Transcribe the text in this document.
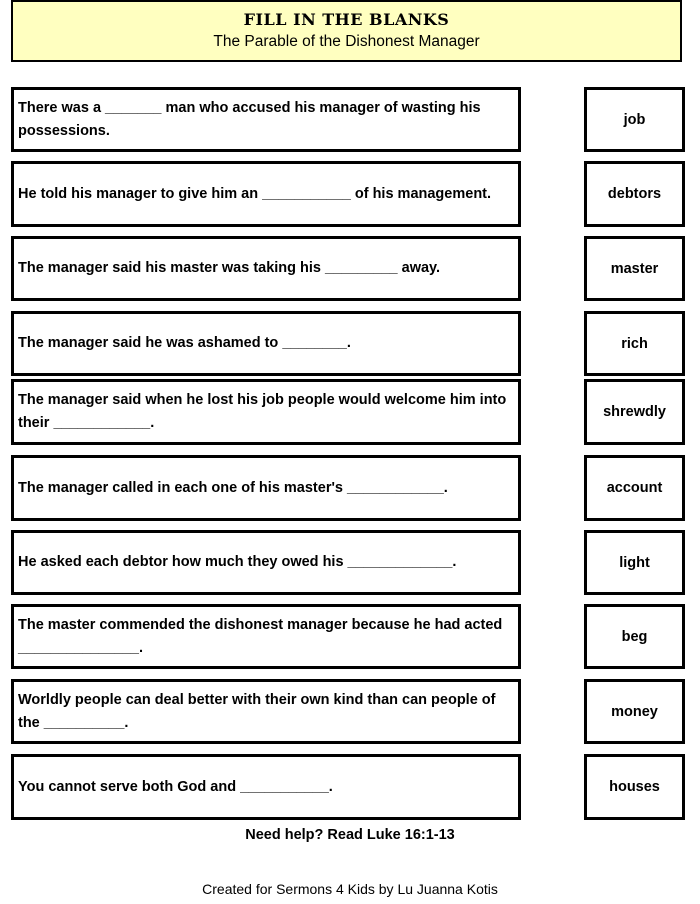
FILL IN THE BLANKS
The Parable of the Dishonest Manager
There was a _______ man who accused his manager of wasting his possessions.
He told his manager to give him an ___________ of his management.
The manager said his master was taking his _________ away.
The manager said he was ashamed to ________.
The manager said when he lost his job people would welcome him into their ____________.
The manager called in each one of his master's ____________.
He asked each debtor how much they owed his _____________.
The master commended the dishonest manager because he had acted _______________.
Worldly people can deal better with their own kind than can people of the __________.
You cannot serve both God and ___________.
job
debtors
master
rich
shrewdly
account
light
beg
money
houses
Need help? Read Luke 16:1-13
Created for Sermons 4 Kids by Lu Juanna Kotis
